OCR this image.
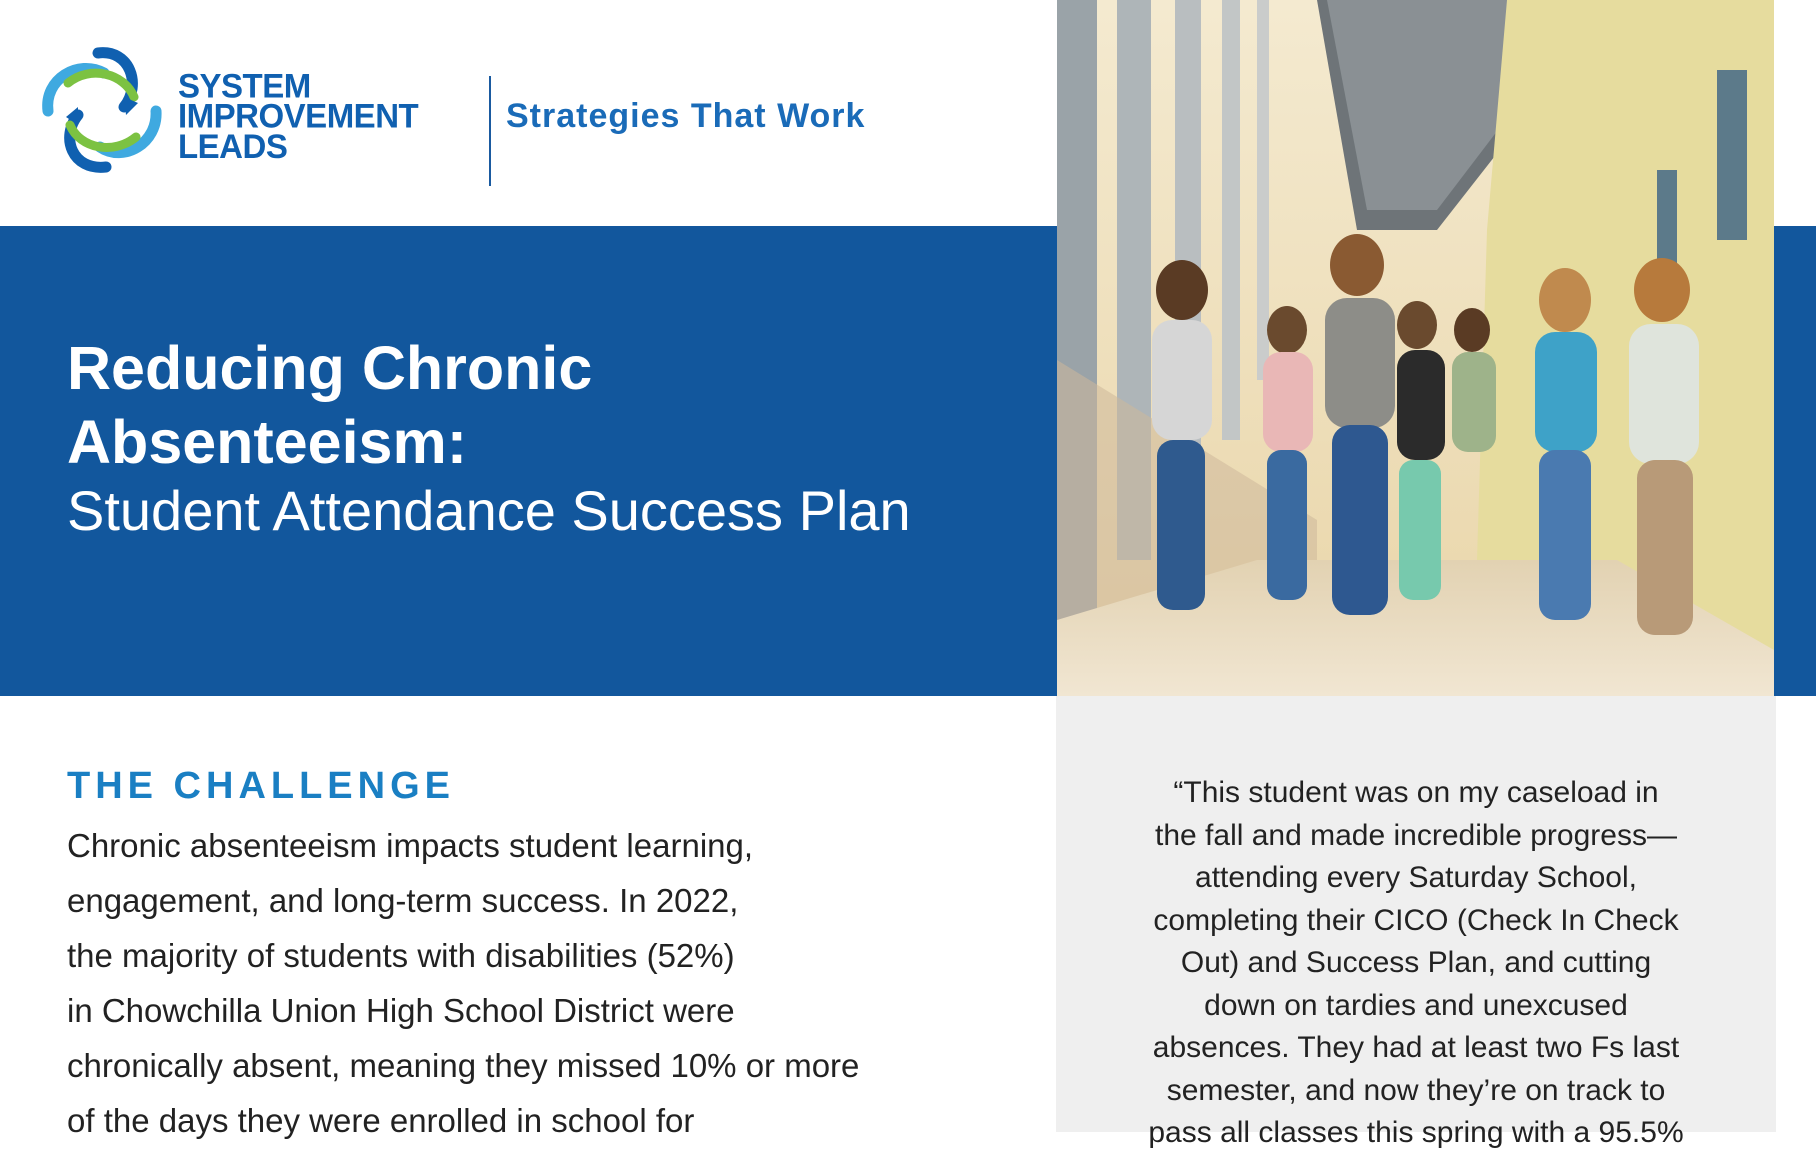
SYSTEM
IMPROVEMENT
LEADS
Strategies That Work
Reducing Chronic
Absenteeism:
Student Attendance Success Plan
THE CHALLENGE
Chronic absenteeism impacts student learning,
engagement, and long-term success. In 2022,
the majority of students with disabilities (52%)
in Chowchilla Union High School District were
chronically absent, meaning they missed 10% or more
of the days they were enrolled in school for
“This student was on my caseload in
the fall and made incredible progress—
attending every Saturday School,
completing their CICO (Check In Check
Out) and Success Plan, and cutting
down on tardies and unexcused
absences. They had at least two Fs last
semester, and now they’re on track to
pass all classes this spring with a 95.5%
